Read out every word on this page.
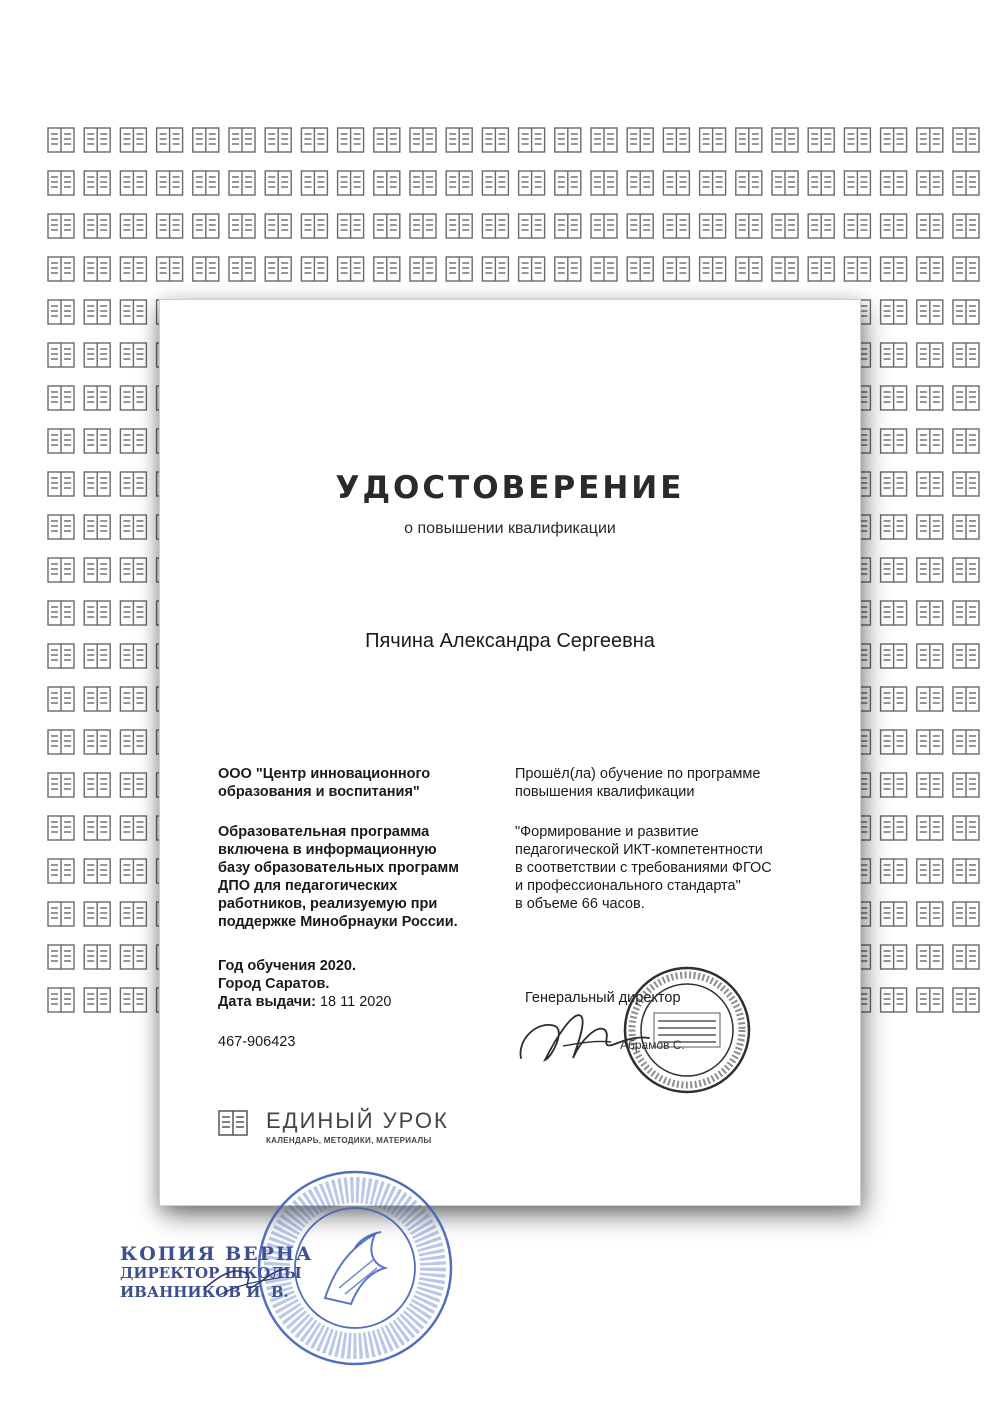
УДОСТОВЕРЕНИЕ
о повышении квалификации
Пячина Александра Сергеевна
ООО "Центр инновационного
образования и воспитания"
Образовательная программа
включена в информационную
базу образовательных программ
ДПО для педагогических
работников, реализуемую при
поддержке Минобрнауки России.
Год обучения 2020.
Город Саратов.
Дата выдачи: 18 11 2020
467-906423
Прошёл(ла) обучение по программе
повышения квалификации
"Формирование и развитие
педагогической ИКТ-компетентности
в соответствии с требованиями ФГОС
и профессионального стандарта"
в объеме 66 часов.
Генеральный директор
Абрамов С.
ЕДИНЫЙ УРОК
КАЛЕНДАРЬ, МЕТОДИКИ, МАТЕРИАЛЫ
КОПИЯ ВЕРНА
ДИРЕКТОР ШКОЛЫ
ИВАННИКОВ И. В.
